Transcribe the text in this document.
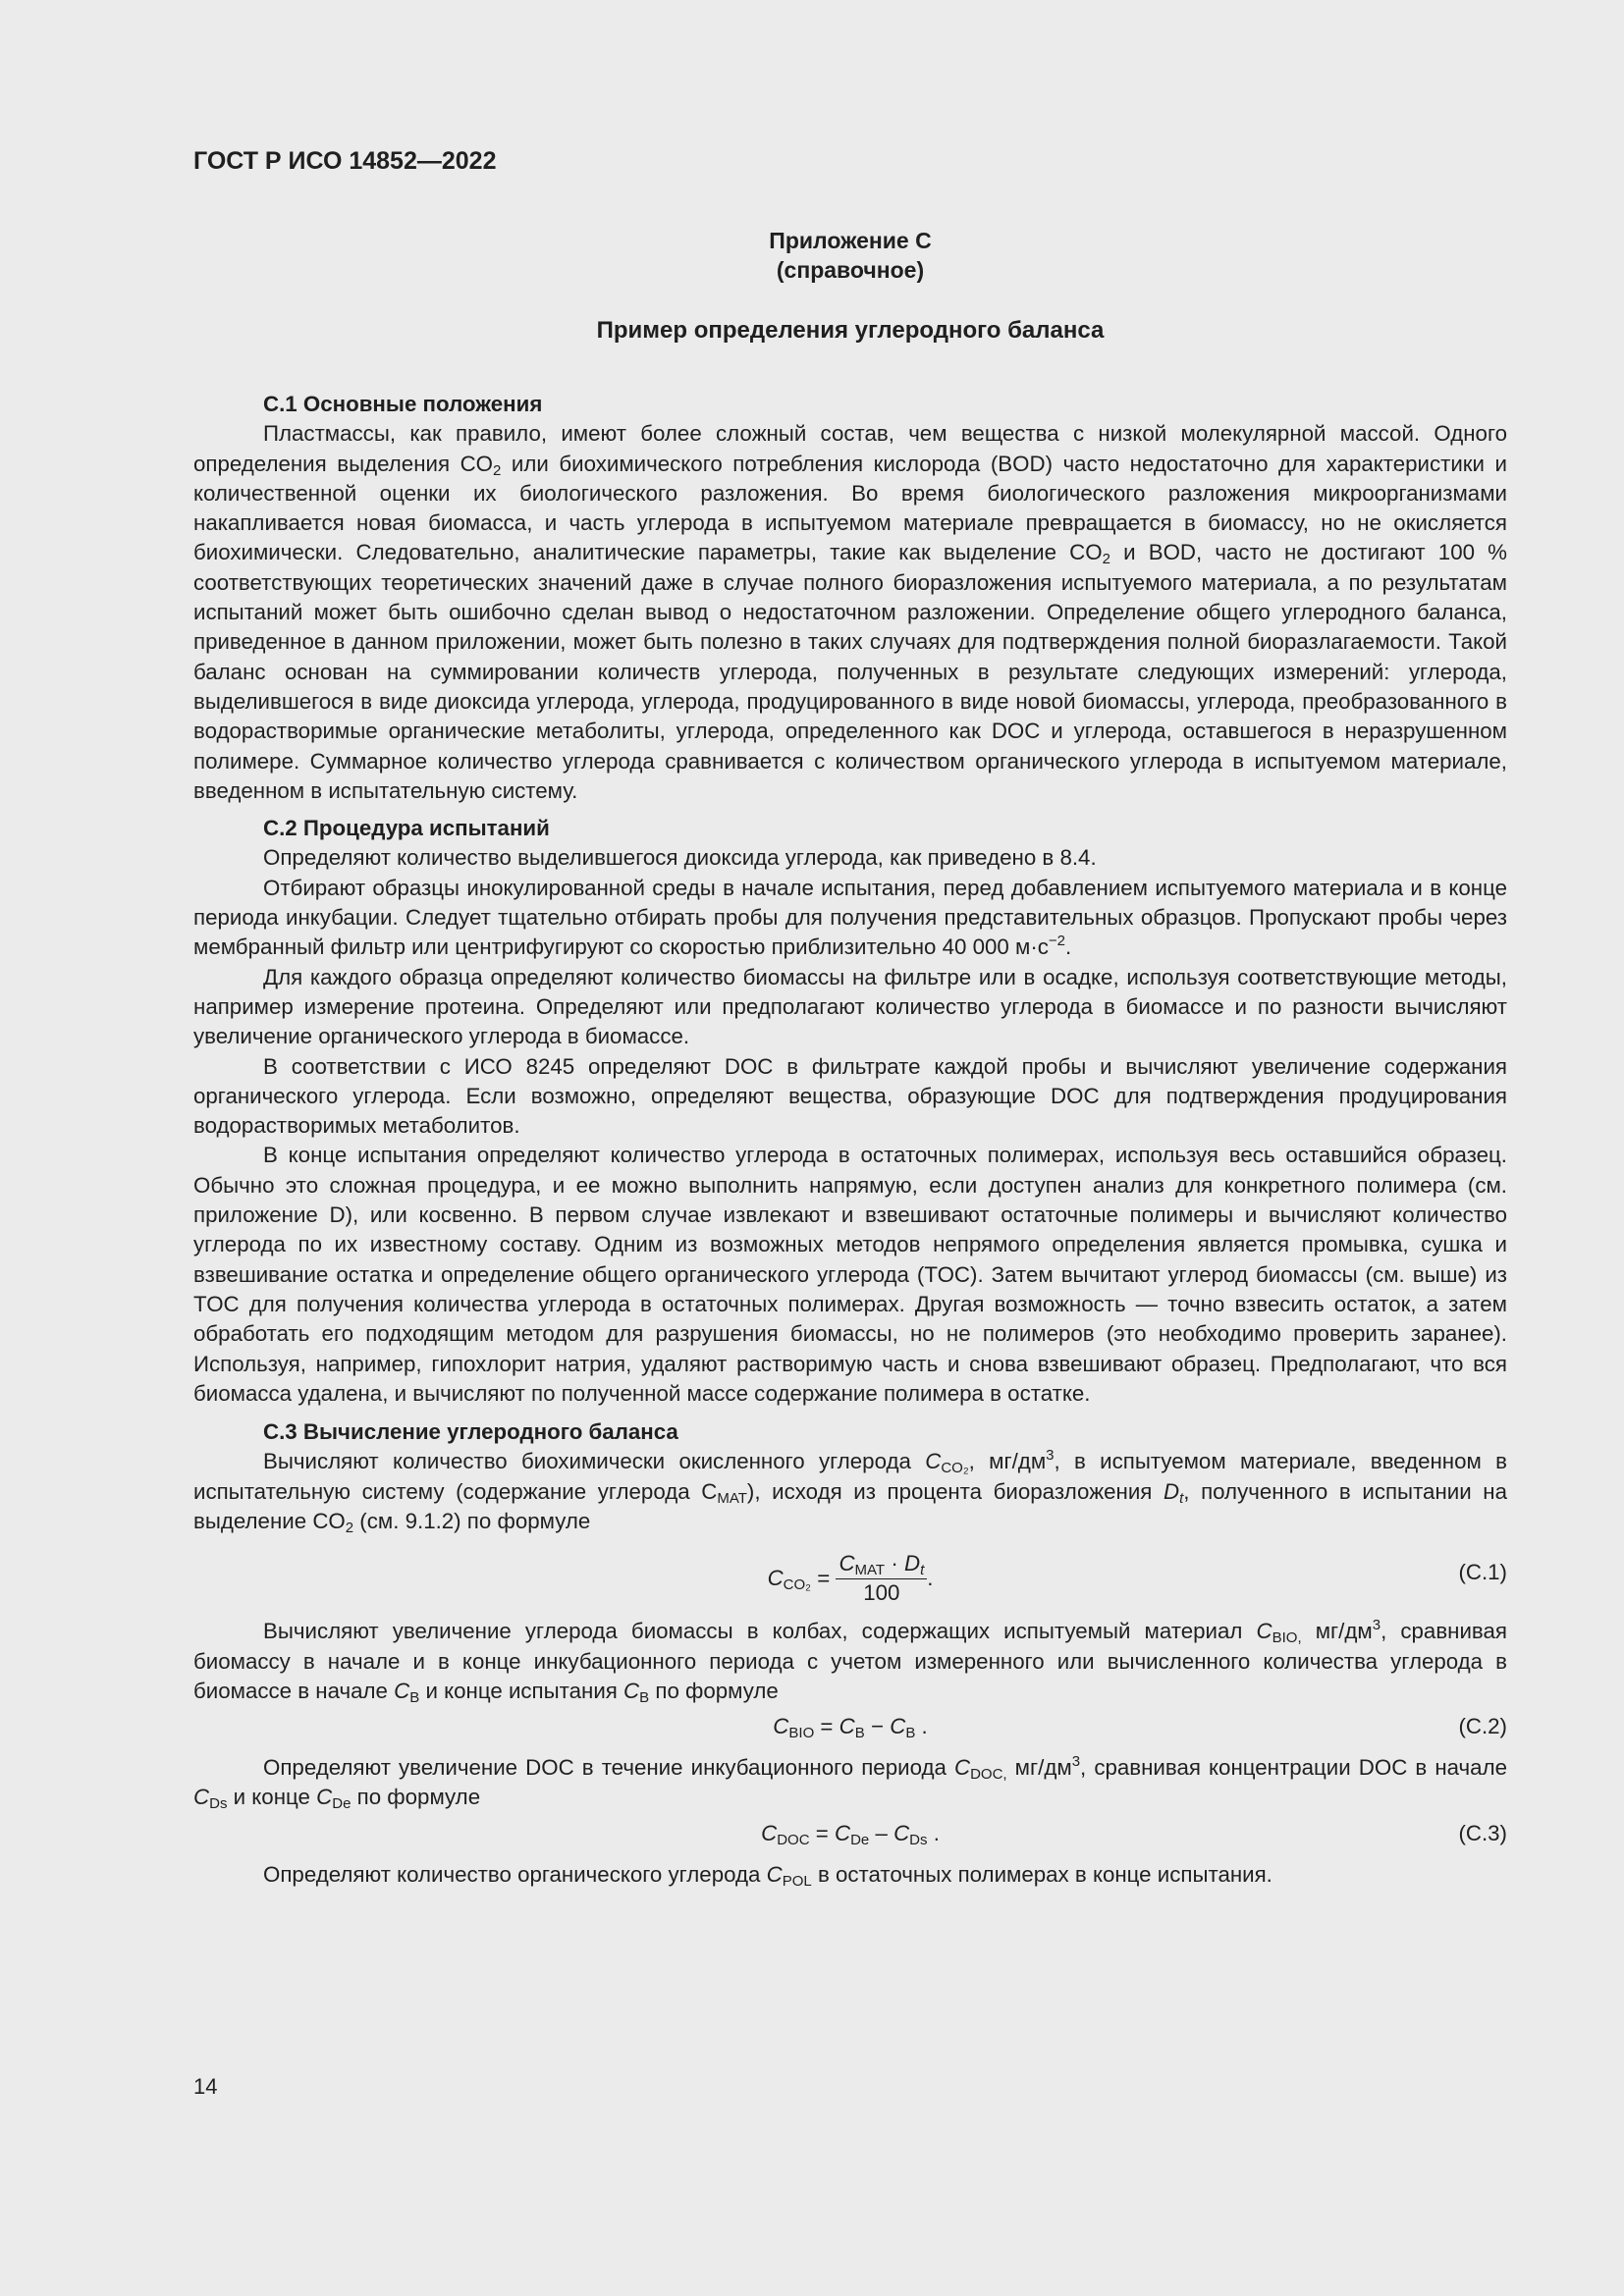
ГОСТ Р ИСО 14852—2022
Приложение С
(справочное)
Пример определения углеродного баланса
С.1 Основные положения

Пластмассы, как правило, имеют более сложный состав, чем вещества с низкой молекулярной массой. Одного определения выделения $CO_2$ или биохимического потребления кислорода (BOD) часто недостаточно для характеристики и количественной оценки их биологического разложения. Во время биологического разложения микроорганизмами накапливается новая биомасса, и часть углерода в испытуемом материале превращается в биомассу, но не окисляется биохимически. Следовательно, аналитические параметры, такие как выделение $CO_2$ и BOD, часто не достигают 100 % соответствующих теоретических значений даже в случае полного биоразложения испытуемого материала, а по результатам испытаний может быть ошибочно сделан вывод о недостаточном разложении. Определение общего углеродного баланса, приведенное в данном приложении, может быть полезно в таких случаях для подтверждения полной биоразлагаемости. Такой баланс основан на суммировании количеств углерода, полученных в результате следующих измерений: углерода, выделившегося в виде диоксида углерода, углерода, продуцированного в виде новой биомассы, углерода, преобразованного в водорастворимые органические метаболиты, углерода, определенного как DOC и углерода, оставшегося в неразрушенном полимере. Суммарное количество углерода сравнивается с количеством органического углерода в испытуемом материале, введенном в испытательную систему.

С.2 Процедура испытаний

Определяют количество выделившегося диоксида углерода, как приведено в 8.4.

Отбирают образцы инокулированной среды в начале испытания, перед добавлением испытуемого материала и в конце периода инкубации. Следует тщательно отбирать пробы для получения представительных образцов. Пропускают пробы через мембранный фильтр или центрифугируют со скоростью приблизительно 40 000 $м\cdot с^{-2}$.

Для каждого образца определяют количество биомассы на фильтре или в осадке, используя соответствующие методы, например измерение протеина. Определяют или предполагают количество углерода в биомассе и по разности вычисляют увеличение органического углерода в биомассе.

В соответствии с ИСО 8245 определяют DOC в фильтрате каждой пробы и вычисляют увеличение содержания органического углерода. Если возможно, определяют вещества, образующие DOC для подтверждения продуцирования водорастворимых метаболитов.

В конце испытания определяют количество углерода в остаточных полимерах, используя весь оставшийся образец. Обычно это сложная процедура, и ее можно выполнить напрямую, если доступен анализ для конкретного полимера (см. приложение D), или косвенно. В первом случае извлекают и взвешивают остаточные полимеры и вычисляют количество углерода по их известному составу. Одним из возможных методов непрямого определения является промывка, сушка и взвешивание остатка и определение общего органического углерода (TOC). Затем вычитают углерод биомассы (см. выше) из TOC для получения количества углерода в остаточных полимерах. Другая возможность — точно взвесить остаток, а затем обработать его подходящим методом для разрушения биомассы, но не полимеров (это необходимо проверить заранее). Используя, например, гипохлорит натрия, удаляют растворимую часть и снова взвешивают образец. Предполагают, что вся биомасса удалена, и вычисляют по полученной массе содержание полимера в остатке.

С.3 Вычисление углеродного баланса

Вычисляют количество биохимически окисленного углерода $C_{CO_2}$, $мг/дм^3$, в испытуемом материале, введенном в испытательную систему (содержание углерода $C_{MAT}$), исходя из процента биоразложения $D_t$, полученного в испытании на выделение $CO_2$ (см. 9.1.2) по формуле

$C_{CO_2} = \frac{C_{MAT} \cdot D_t}{100}$ .	(C.1)

Вычисляют увеличение углерода биомассы в колбах, содержащих испытуемый материал $C_{BIO,}$ $мг/дм^3$, сравнивая биомассу в начале и в конце инкубационного периода с учетом измеренного или вычисленного количества углерода в биомассе в начале $C_B$ и конце испытания $C_B$ по формуле

$C_{BIO} = C_B - C_B$ .	(C.2)

Определяют увеличение DOC в течение инкубационного периода $C_{DOC,}$ $мг/дм^3$, сравнивая концентрации DOC в начале $C_{Ds}$ и конце $C_{De}$ по формуле

$C_{DOC} = C_{De} - C_{Ds}$ .	(C.3)

Определяют количество органического углерода $C_{POL}$ в остаточных полимерах в конце испытания.

14
